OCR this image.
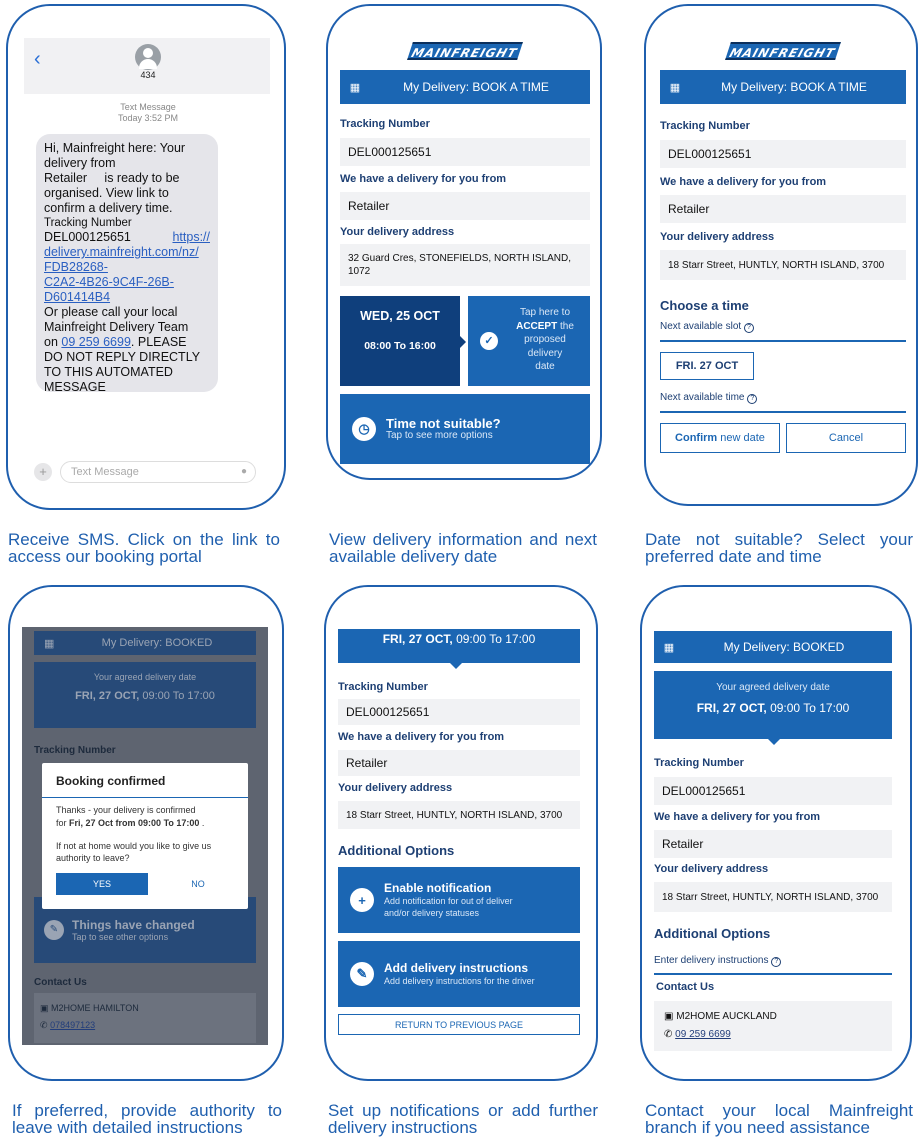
‹
434
Text Message
Today 3:52 PM
Hi, Mainfreight here: Your
delivery from
Retailer     is ready to be
organised. View link to
confirm a delivery time.
Tracking Number
DEL000125651	https://
delivery.mainfreight.com/nz/
FDB28268-
C2A2-4B26-9C4F-26B-
D601414B4
Or please call your local
Mainfreight Delivery Team
on 09 259 6699. PLEASE
DO NOT REPLY DIRECTLY
TO THIS AUTOMATED
MESSAGE
+	Text Message	●
Receive SMS. Click on the link to access our booking portal
MAINFREIGHT
▦	My Delivery: BOOK A TIME
Tracking Number
DEL000125651
We have a delivery for you from
Retailer
Your delivery address
32 Guard Cres, STONEFIELDS, NORTH ISLAND,
1072
WED, 25 OCT
08:00 To 16:00	✓
Tap here to
ACCEPT the
proposed
delivery
date
◷	Time not suitable?
Tap to see more options
View delivery information and next available delivery date
MAINFREIGHT
▦	My Delivery: BOOK A TIME
Tracking Number
DEL000125651
We have a delivery for you from
Retailer
Your delivery address
18 Starr Street, HUNTLY, NORTH ISLAND, 3700
Choose a time
Next available slot ?
FRI. 27 OCT
Next available time ?
Confirm
new date	Cancel
Date not suitable? Select your preferred date and time
▦	My Delivery: BOOKED
Your agreed delivery date
FRI, 27 OCT, 09:00 To 17:00
Tracking Number
✎	Things have changed
Tap to see other options
Contact Us
▣ M2HOME HAMILTON
✆ 078497123
Booking confirmed
Thanks - your delivery is confirmed
for Fri, 27 Oct from 09:00 To 17:00 .
If not at home would you like to give us
authority to leave?
YES	NO
If preferred, provide authority to leave with detailed instructions
FRI, 27 OCT, 09:00 To 17:00
Tracking Number
DEL000125651
We have a delivery for you from
Retailer
Your delivery address
18 Starr Street, HUNTLY, NORTH ISLAND, 3700
Additional Options
+
Enable notification
Add notification for out of deliver
and/or delivery statuses
✎	Add delivery instructions
Add delivery instructions for the driver
RETURN TO PREVIOUS PAGE
Set up notifications or add further delivery instructions
▦	My Delivery: BOOKED
Your agreed delivery date
FRI, 27 OCT, 09:00 To 17:00
Tracking Number
DEL000125651
We have a delivery for you from
Retailer
Your delivery address
18 Starr Street, HUNTLY, NORTH ISLAND, 3700
Additional Options
Enter delivery instructions ?
Contact Us
▣ M2HOME AUCKLAND
✆ 09 259 6699
Contact your local Mainfreight branch if you need assistance
